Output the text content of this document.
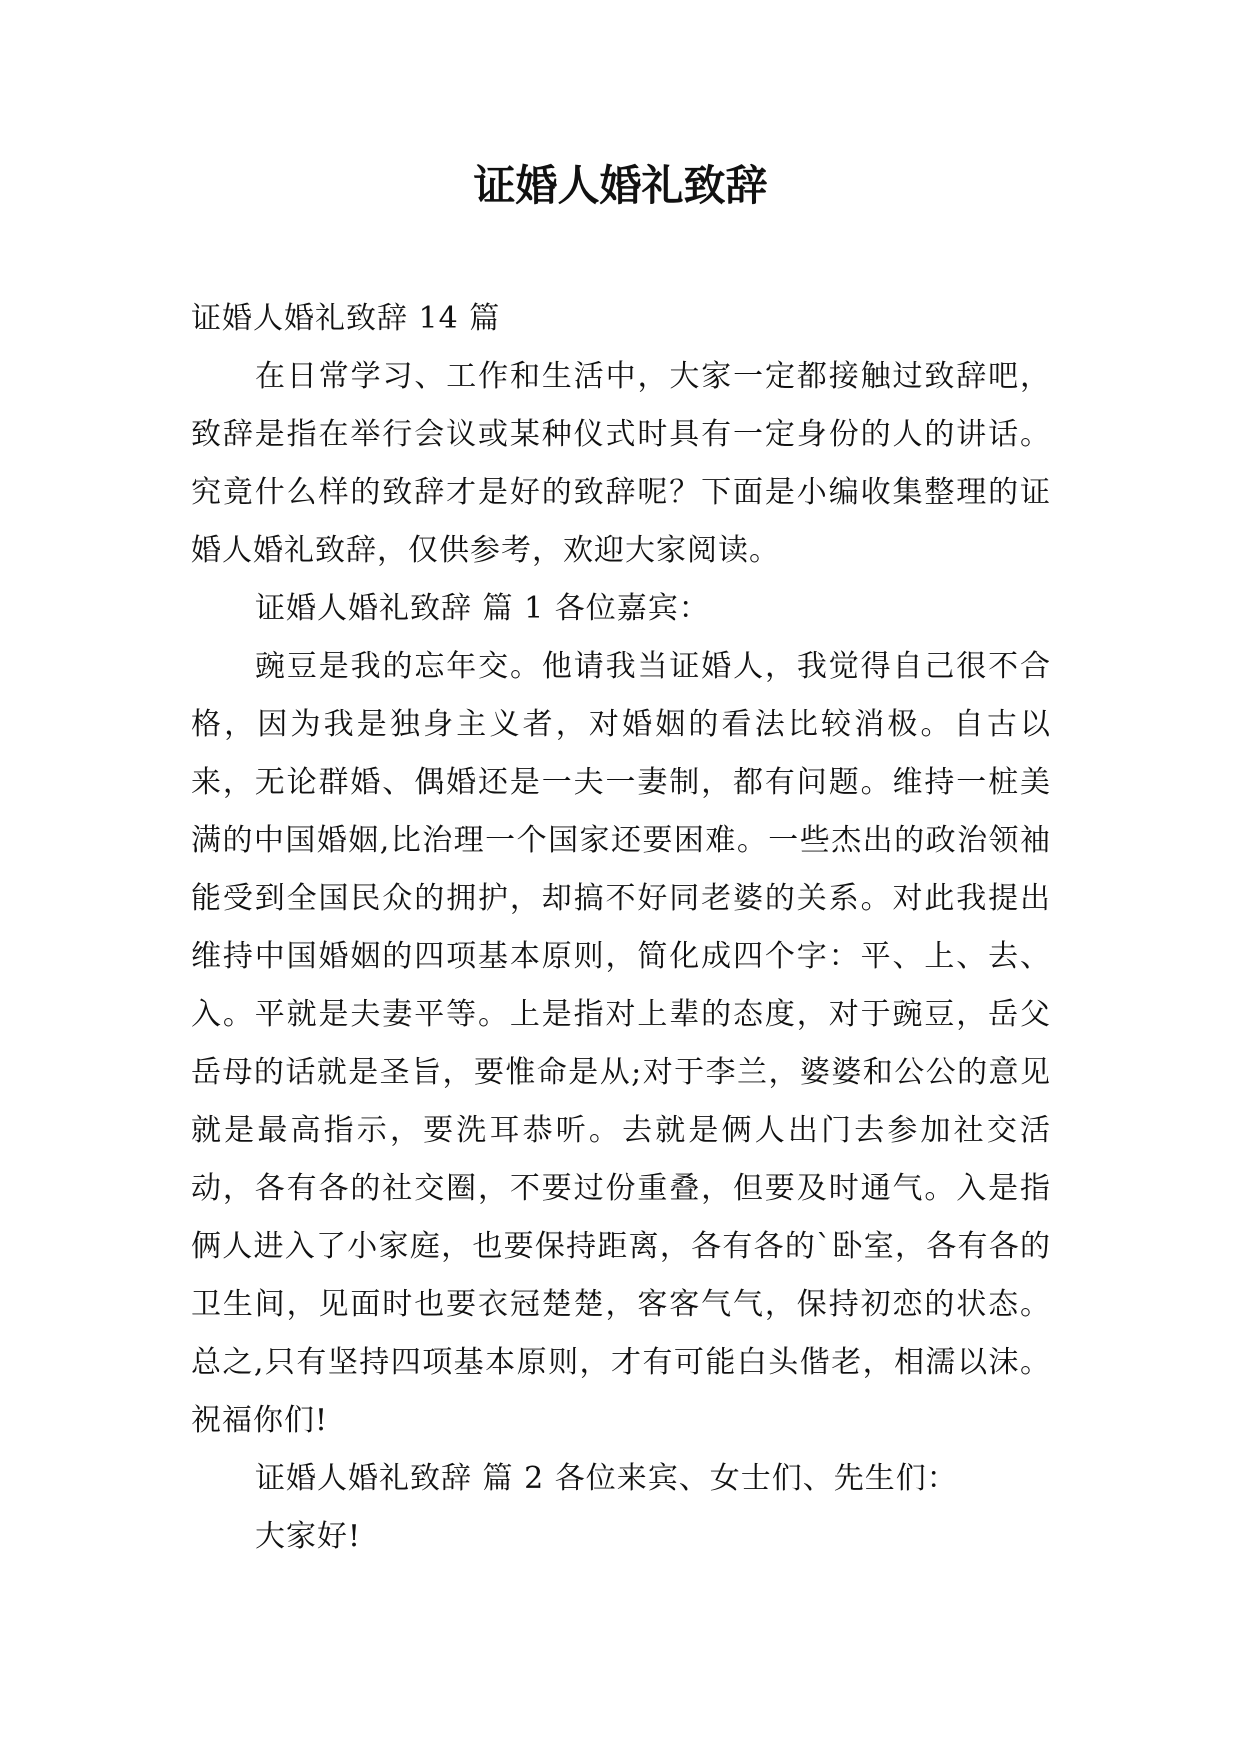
证婚人婚礼致辞

证婚人婚礼致辞 14 篇

在日常学习、工作和生活中，大家一定都接触过致辞吧，致辞是指在举行会议或某种仪式时具有一定身份的人的讲话。究竟什么样的致辞才是好的致辞呢？下面是小编收集整理的证婚人婚礼致辞，仅供参考，欢迎大家阅读。

证婚人婚礼致辞 篇 1 各位嘉宾：

豌豆是我的忘年交。他请我当证婚人，我觉得自己很不合格，因为我是独身主义者，对婚姻的看法比较消极。自古以来，无论群婚、偶婚还是一夫一妻制，都有问题。维持一桩美满的中国婚姻,比治理一个国家还要困难。一些杰出的政治领袖能受到全国民众的拥护，却搞不好同老婆的关系。对此我提出维持中国婚姻的四项基本原则，简化成四个字：平、上、去、入。平就是夫妻平等。上是指对上辈的态度，对于豌豆，岳父岳母的话就是圣旨，要惟命是从;对于李兰，婆婆和公公的意见就是最高指示，要洗耳恭听。去就是俩人出门去参加社交活动，各有各的社交圈，不要过份重叠，但要及时通气。入是指俩人进入了小家庭，也要保持距离，各有各的`卧室，各有各的卫生间，见面时也要衣冠楚楚，客客气气，保持初恋的状态。总之,只有坚持四项基本原则，才有可能白头偕老，相濡以沫。祝福你们!

证婚人婚礼致辞 篇 2 各位来宾、女士们、先生们：

大家好!
